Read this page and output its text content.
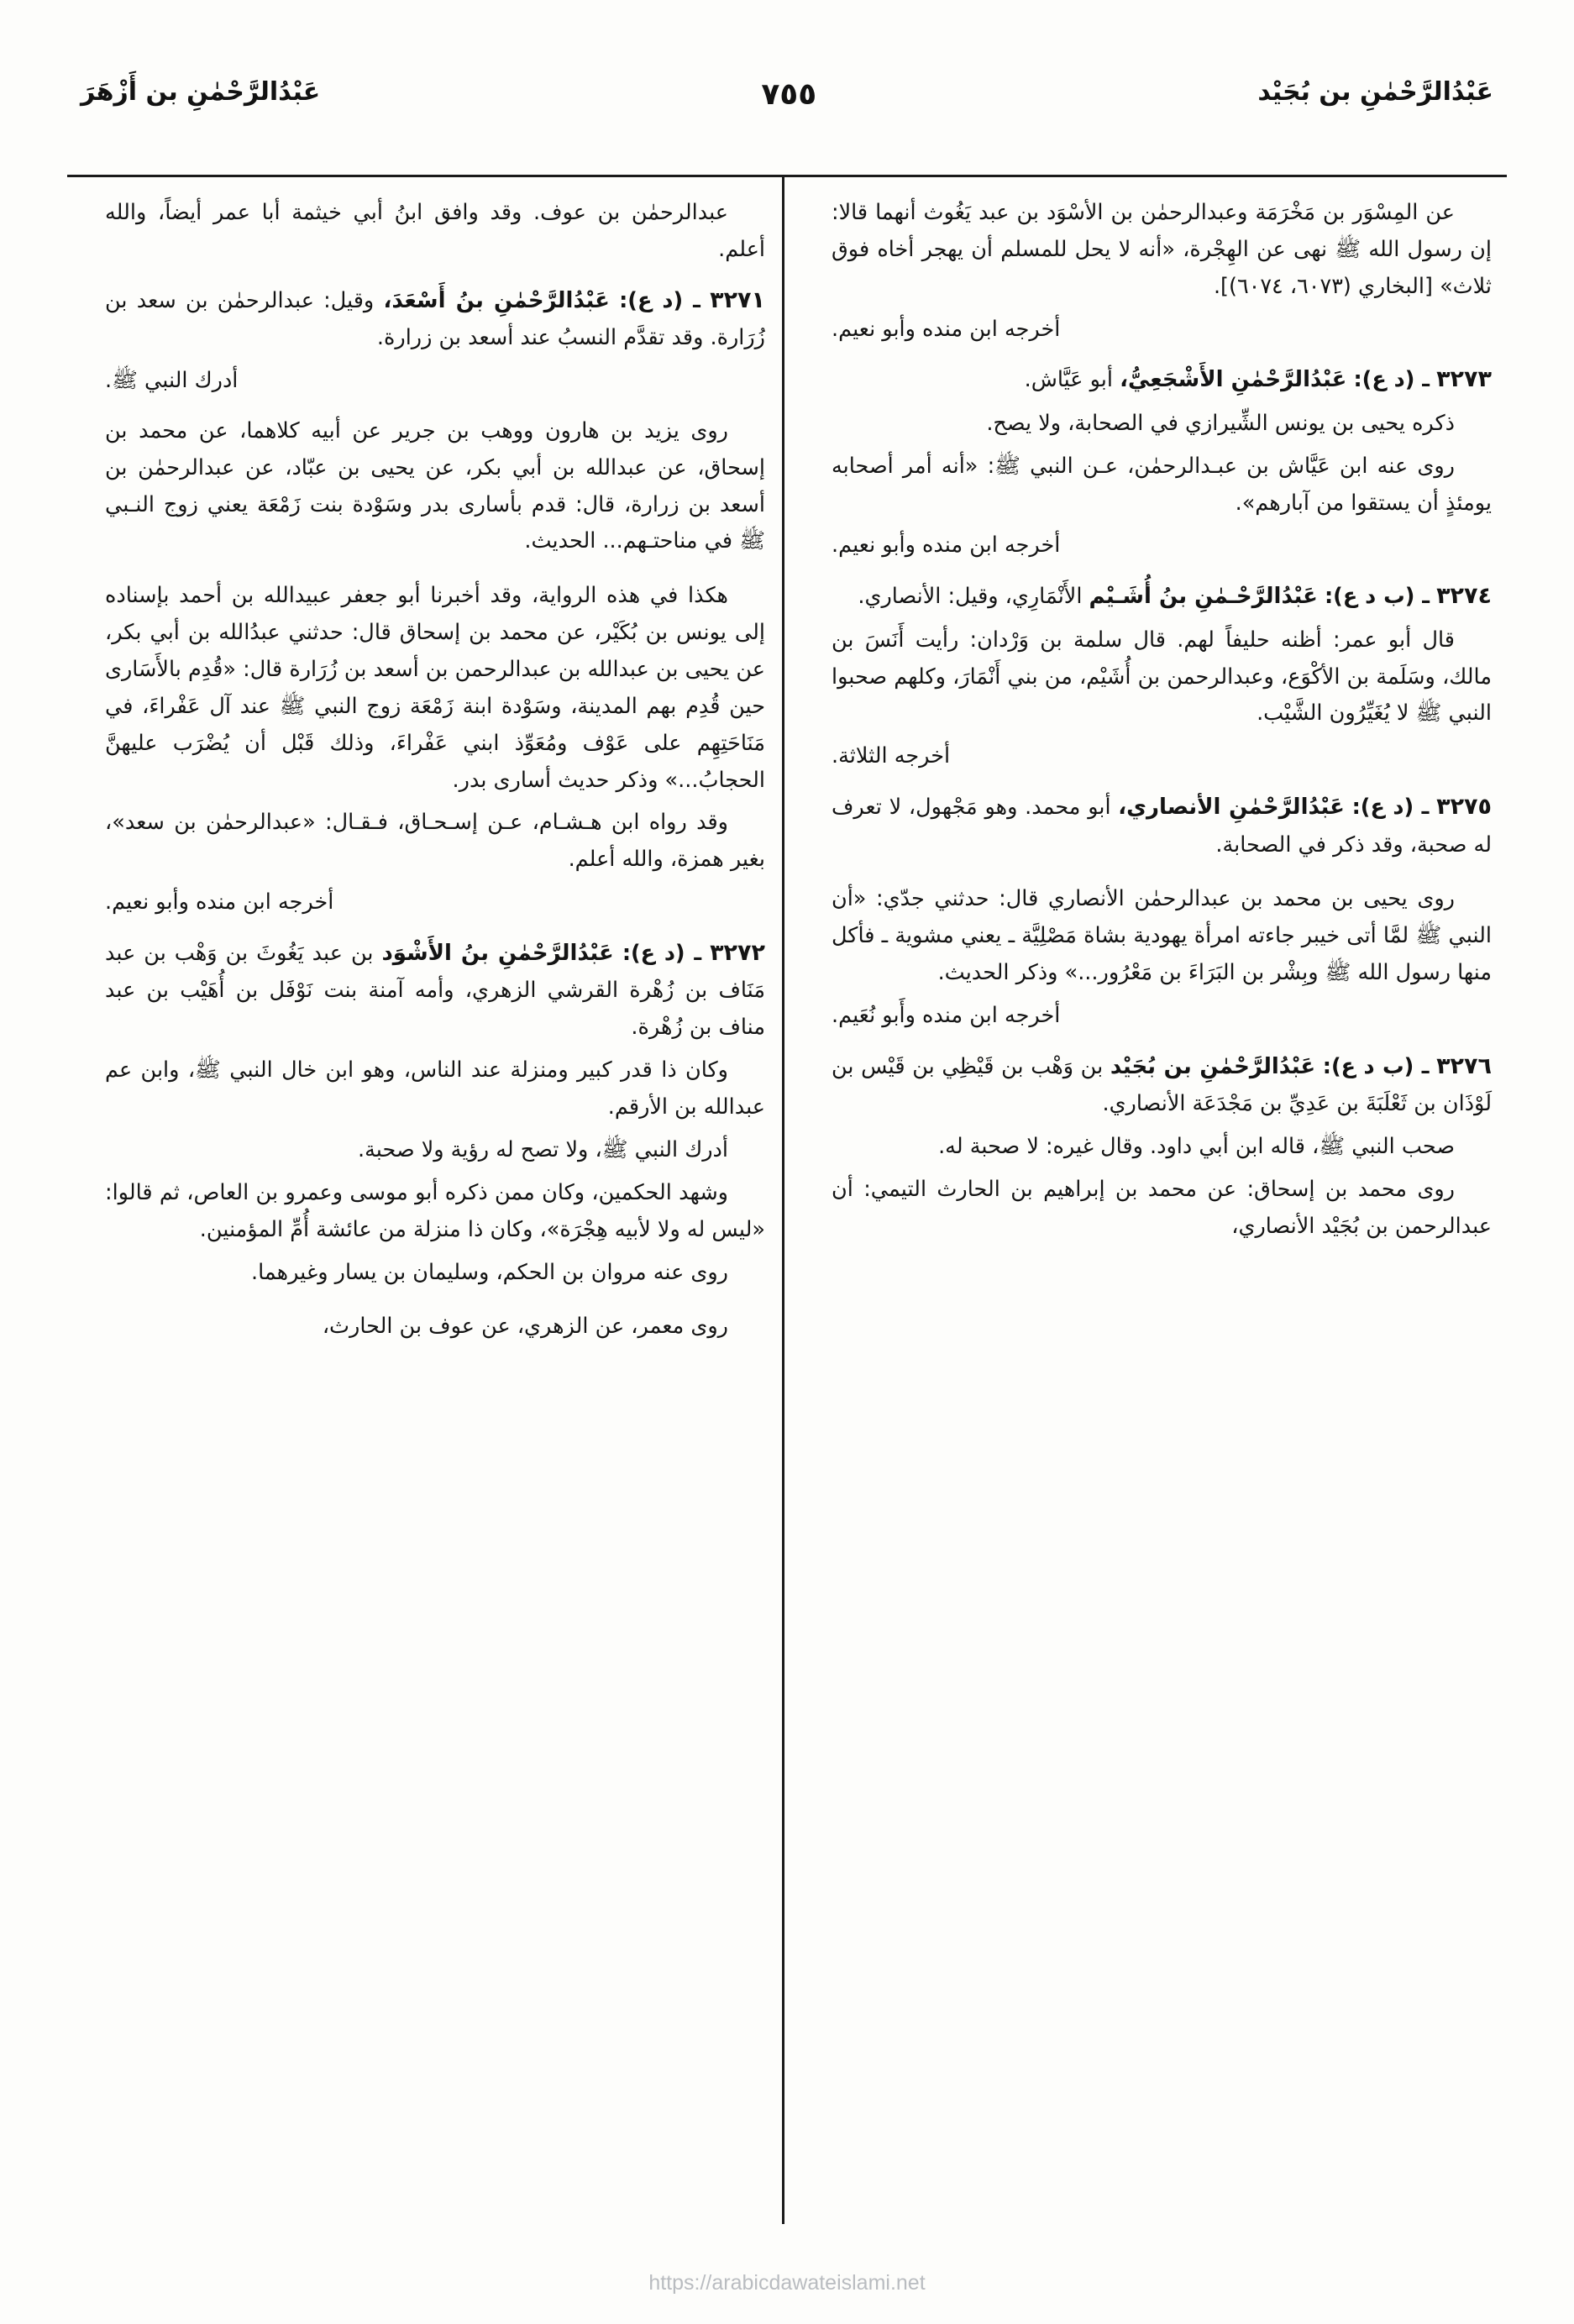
عَبْدُالرَّحْمٰنِ بن بُجَيْد
٧٥٥
عَبْدُالرَّحْمٰنِ بن أَزْهَرَ

عن المِسْوَر بن مَخْرَمَة وعبدالرحمٰن بن الأسْوَد بن عبد يَغُوث أنهما قالا: إن رسول الله ﷺ نهى عن الهِجْرة، «أنه لا يحل للمسلم أن يهجر أخاه فوق ثلاث» [البخاري (٦٠٧٣، ٦٠٧٤)].

أخرجه ابن منده وأبو نعيم.

٣٢٧٣ ـ (د ع): عَبْدُالرَّحْمٰنِ الأَشْجَعِيُّ، أبو عَيَّاش.

ذكره يحيى بن يونس الشِّيرازي في الصحابة، ولا يصح.

روى عنه ابن عَيَّاش بن عبـدالرحمٰن، عـن النبي ﷺ: «أنه أمر أصحابه يومئذٍ أن يستقوا من آبارهم».

أخرجه ابن منده وأبو نعيم.

٣٢٧٤ ـ (ب د ع): عَبْدُالرَّحْـمٰنِ بنُ أُشَـيْم الأَنْمَارِي، وقيل: الأنصاري.

قال أبو عمر: أظنه حليفاً لهم. قال سلمة بن وَرْدان: رأيت أَنَسَ بن مالك، وسَلَمة بن الأكْوَع، وعبدالرحمن بن أُشَيْم، من بني أَنْمَارَ، وكلهم صحبوا النبي ﷺ لا يُغَيِّرُون الشَّيْب.

أخرجه الثلاثة.

٣٢٧٥ ـ (د ع): عَبْدُالرَّحْمٰنِ الأنصاري، أبو محمد. وهو مَجْهول، لا تعرف له صحبة، وقد ذكر في الصحابة.

روى يحيى بن محمد بن عبدالرحمٰن الأنصاري قال: حدثني جدّي: «أن النبي ﷺ لمَّا أتى خيبر جاءته امرأة يهودية بشاة مَصْلِيَّة ـ يعني مشوية ـ فأكل منها رسول الله ﷺ وبِشْر بن البَرَاءَ بن مَعْرُور...» وذكر الحديث.

أخرجه ابن منده وأَبو نُعَيم.

٣٢٧٦ ـ (ب د ع): عَبْدُالرَّحْمٰنِ بن بُجَيْد بن وَهْب بن قَيْظِي بن قَيْس بن لَوْذَان بن ثَعْلَبَةَ بن عَدِيِّ بن مَجْدَعَة الأنصاري.

صحب النبي ﷺ، قاله ابن أبي داود. وقال غيره: لا صحبة له.

روى محمد بن إسحاق: عن محمد بن إبراهيم بن الحارث التيمي: أن عبدالرحمن بن بُجَيْد الأنصاري،

عبدالرحمٰن بن عوف. وقد وافق ابنُ أبي خيثمة أبا عمر أيضاً، والله أعلم.

٣٢٧١ ـ (د ع): عَبْدُالرَّحْمٰنِ بنُ أَسْعَدَ، وقيل: عبدالرحمٰن بن سعد بن زُرَارة. وقد تقدَّم النسبُ عند أسعد بن زرارة.

أدرك النبي ﷺ.

روى يزيد بن هارون ووهب بن جرير عن أبيه كلاهما، عن محمد بن إسحاق، عن عبدالله بن أبي بكر، عن يحيى بن عبّاد، عن عبدالرحمٰن بن أسعد بن زرارة، قال: قدم بأسارى بدر وسَوْدة بنت زَمْعَة يعني زوج النـبي ﷺ في مناحتـهم... الحديث.

هكذا في هذه الرواية، وقد أخبرنا أبو جعفر عبيدالله بن أحمد بإسناده إلى يونس بن بُكَيْر، عن محمد بن إسحاق قال: حدثني عبدُالله بن أبي بكر، عن يحيى بن عبدالله بن عبدالرحمن بن أسعد بن زُرَارة قال: «قُدِم بالأَسَارى حين قُدِم بهم المدينة، وسَوْدة ابنة زَمْعَة زوج النبي ﷺ عند آل عَفْراءَ، في مَنَاحَتِهِم على عَوْف ومُعَوِّذ ابني عَفْراءَ، وذلك قَبْل أن يُضْرَب عليهنَّ الحجابُ...» وذكر حديث أسارى بدر.

وقد رواه ابن هـشـام، عـن إسـحـاق، فـقـال: «عبدالرحمٰن بن سعد»، بغير همزة، والله أعلم.

أخرجه ابن منده وأبو نعيم.

٣٢٧٢ ـ (د ع): عَبْدُالرَّحْمٰنِ بنُ الأَشْوَد بن عبد يَغُوثَ بن وَهْب بن عبد مَنَاف بن زُهْرة القرشي الزهري، وأمه آمنة بنت نَوْفَل بن أُهَيْب بن عبد مناف بن زُهْرة.

وكان ذا قدر كبير ومنزلة عند الناس، وهو ابن خال النبي ﷺ، وابن عم عبدالله بن الأرقم.

أدرك النبي ﷺ، ولا تصح له رؤية ولا صحبة.

وشهد الحكمين، وكان ممن ذكره أبو موسى وعمرو بن العاص، ثم قالوا: «ليس له ولا لأبيه هِجْرَة»، وكان ذا منزلة من عائشة أُمِّ المؤمنين.

روى عنه مروان بن الحكم، وسليمان بن يسار وغيرهما.

روى معمر، عن الزهري، عن عوف بن الحارث،

https://arabicdawateislami.net
